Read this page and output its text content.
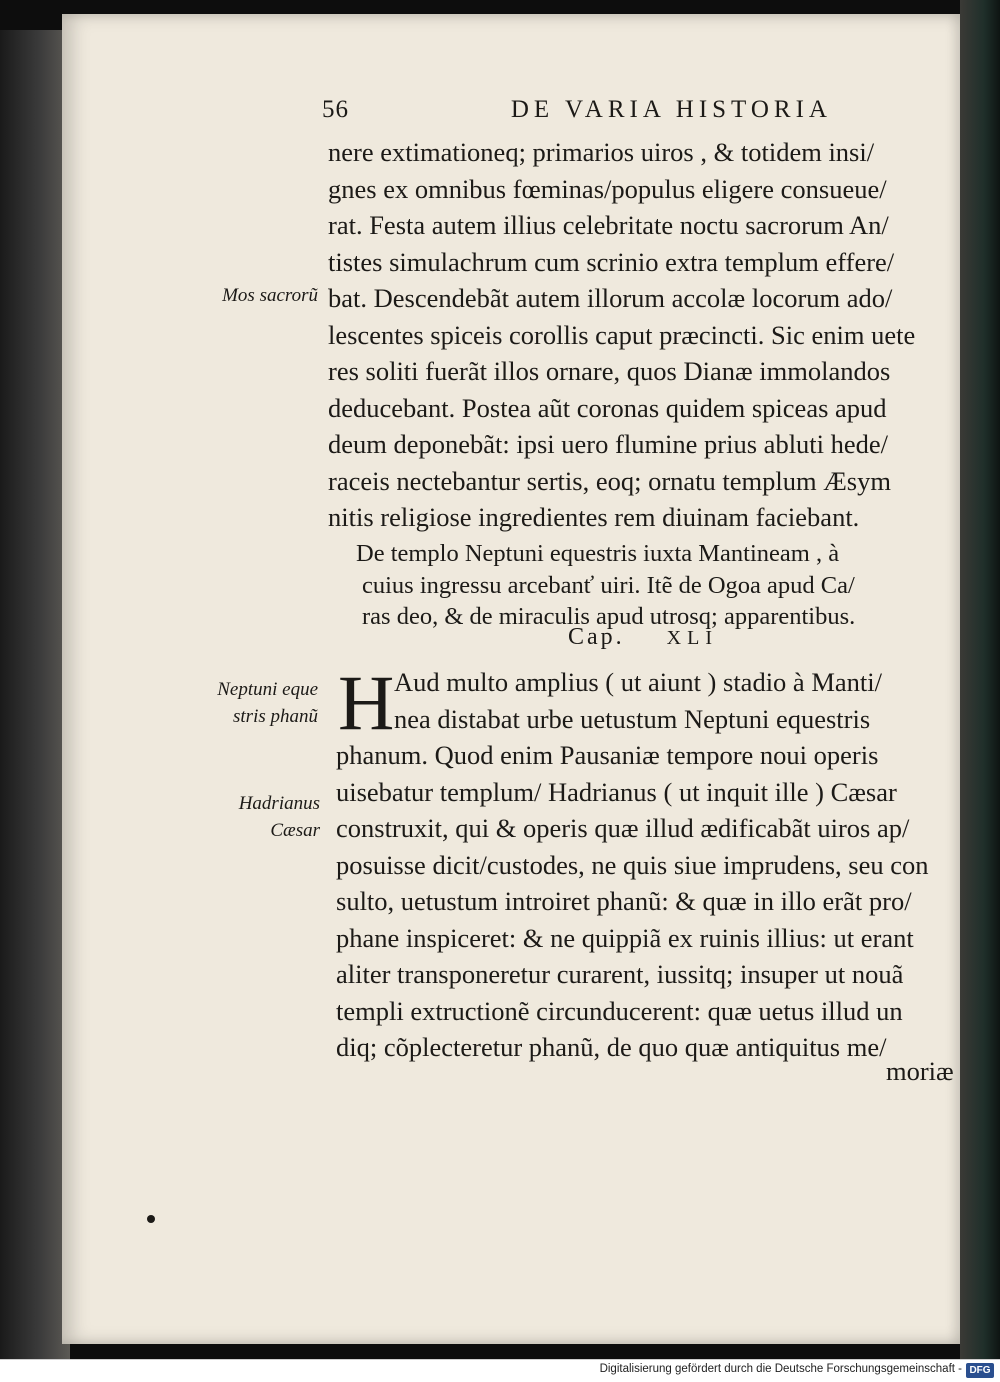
56	DE VARIA HISTORIA
nere extimationeq; primarios uiros , & totidem insi/
gnes ex omnibus fœminas/populus eligere consueue/
rat. Festa autem illius celebritate noctu sacrorum An/
tistes simulachrum cum scrinio extra templum effere/
bat. Descendebãt autem illorum accolæ locorum ado/
lescentes spiceis corollis caput præcincti. Sic enim uete
res soliti fuerãt illos ornare, quos Dianæ immolandos
deducebant. Postea aũt coronas quidem spiceas apud
deum deponebãt: ipsi uero flumine prius abluti hede/
raceis nectebantur sertis, eoq; ornatu templum Æsym
nitis religiose ingredientes rem diuinam faciebant.
De templo Neptuni equestris iuxta Mantineam , à
cuius ingressu arcebanť uiri. Itẽ de Ogoa apud Ca/
ras deo, & de miraculis apud utrosq; apparentibus.
Cap. XLI
H Aud multo amplius ( ut aiunt ) stadio à Manti/
nea distabat urbe uetustum Neptuni equestris
phanum. Quod enim Pausaniæ tempore noui operis
uisebatur templum/ Hadrianus ( ut inquit ille ) Cæsar
construxit, qui & operis quæ illud ædificabãt uiros ap/
posuisse dicit/custodes, ne quis siue imprudens, seu con
sulto, uetustum introiret phanũ: & quæ in illo erãt pro/
phane inspiceret: & ne quippiã ex ruinis illius: ut erant
aliter transponeretur curarent, iussitq; insuper ut nouã
templi extructionẽ circunducerent: quæ uetus illud un
diq; cõplecteretur phanũ, de quo quæ antiquitus me/
moriæ
Mos sacrorũ
Neptuni eque
stris phanũ
Hadrianus
Cæsar
Digitalisierung gefördert durch die Deutsche Forschungsgemeinschaft - DFG
